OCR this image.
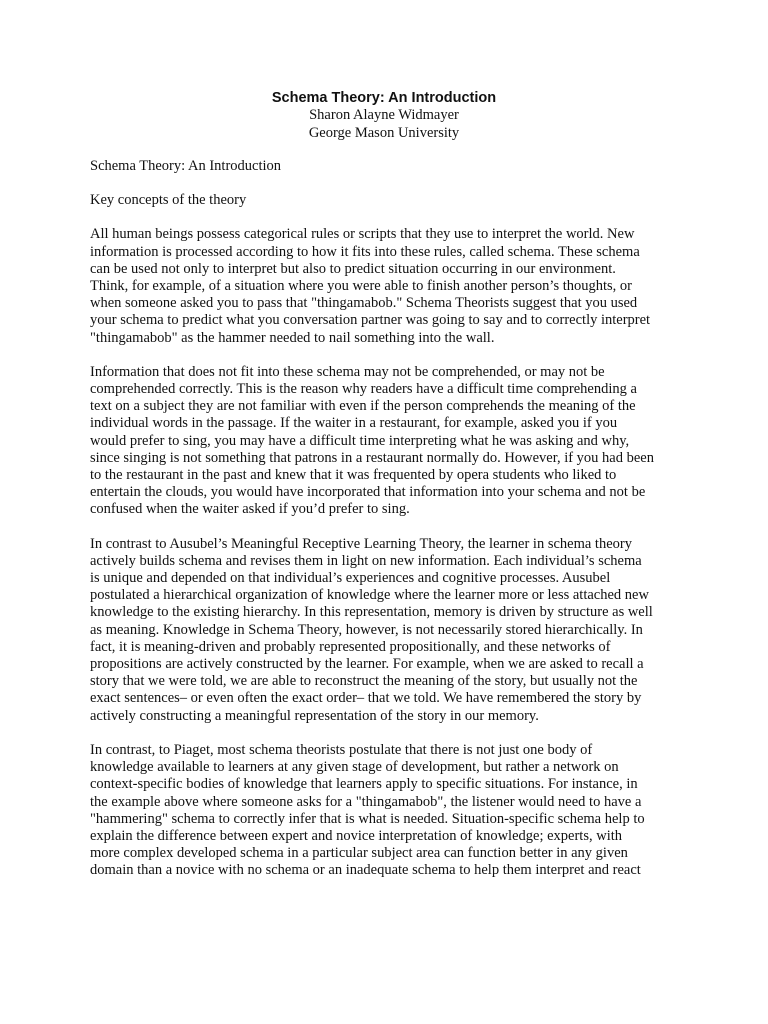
Schema Theory: An Introduction

Sharon Alayne Widmayer

George Mason University

Schema Theory: An Introduction

Key concepts of the theory

All human beings possess categorical rules or scripts that they use to interpret the world. New
information is processed according to how it fits into these rules, called schema. These schema
can be used not only to interpret but also to predict situation occurring in our environment.
Think, for example, of a situation where you were able to finish another person’s thoughts, or
when someone asked you to pass that "thingamabob." Schema Theorists suggest that you used
your schema to predict what you conversation partner was going to say and to correctly interpret
"thingamabob" as the hammer needed to nail something into the wall.

Information that does not fit into these schema may not be comprehended, or may not be
comprehended correctly. This is the reason why readers have a difficult time comprehending a
text on a subject they are not familiar with even if the person comprehends the meaning of the
individual words in the passage. If the waiter in a restaurant, for example, asked you if you
would prefer to sing, you may have a difficult time interpreting what he was asking and why,
since singing is not something that patrons in a restaurant normally do. However, if you had been
to the restaurant in the past and knew that it was frequented by opera students who liked to
entertain the clouds, you would have incorporated that information into your schema and not be
confused when the waiter asked if you’d prefer to sing.

In contrast to Ausubel’s Meaningful Receptive Learning Theory, the learner in schema theory
actively builds schema and revises them in light on new information. Each individual’s schema
is unique and depended on that individual’s experiences and cognitive processes. Ausubel
postulated a hierarchical organization of knowledge where the learner more or less attached new
knowledge to the existing hierarchy. In this representation, memory is driven by structure as well
as meaning. Knowledge in Schema Theory, however, is not necessarily stored hierarchically. In
fact, it is meaning-driven and probably represented propositionally, and these networks of
propositions are actively constructed by the learner. For example, when we are asked to recall a
story that we were told, we are able to reconstruct the meaning of the story, but usually not the
exact sentences– or even often the exact order– that we told. We have remembered the story by
actively constructing a meaningful representation of the story in our memory.

In contrast, to Piaget, most schema theorists postulate that there is not just one body of
knowledge available to learners at any given stage of development, but rather a network on
context-specific bodies of knowledge that learners apply to specific situations. For instance, in
the example above where someone asks for a "thingamabob", the listener would need to have a
"hammering" schema to correctly infer that is what is needed. Situation-specific schema help to
explain the difference between expert and novice interpretation of knowledge; experts, with
more complex developed schema in a particular subject area can function better in any given
domain than a novice with no schema or an inadequate schema to help them interpret and react
